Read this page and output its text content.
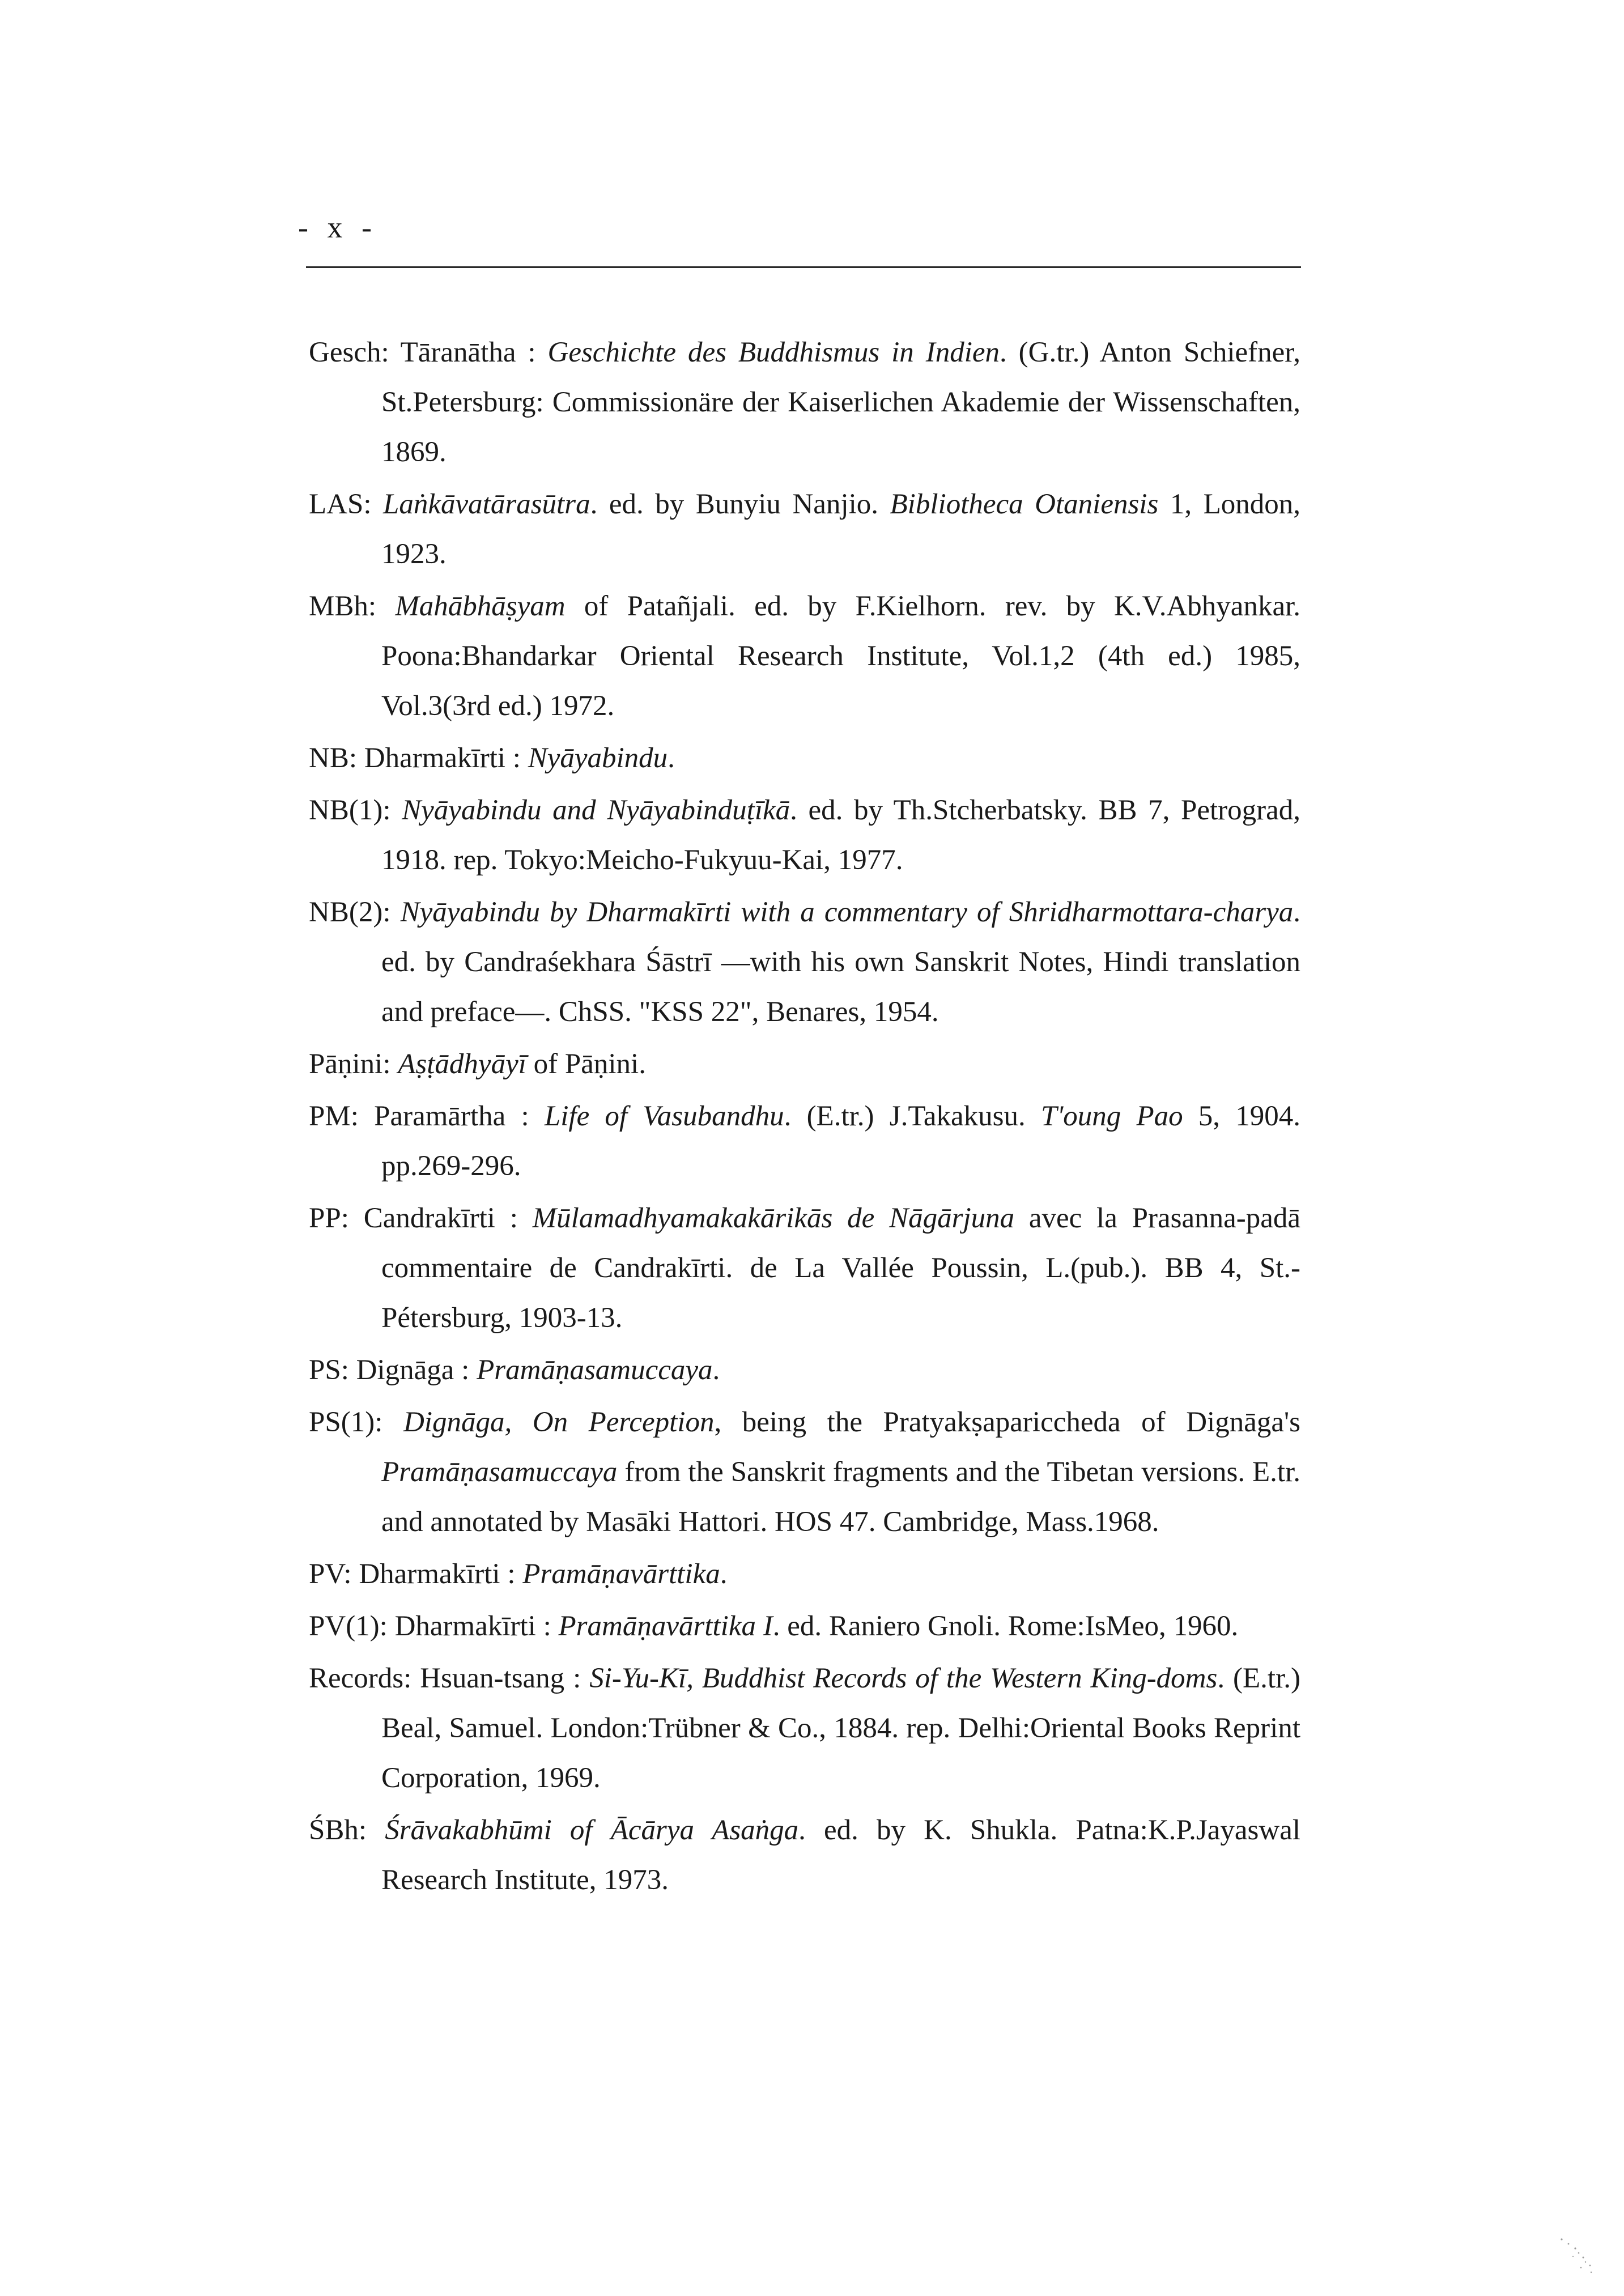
- x -

Gesch: Tāranātha : Geschichte des Buddhismus in Indien. (G.tr.) Anton Schiefner, St.Petersburg: Commissionäre der Kaiserlichen Akademie der Wissenschaften, 1869.

LAS: Laṅkāvatārasūtra. ed. by Bunyiu Nanjio. Bibliotheca Otaniensis 1, London, 1923.

MBh: Mahābhāṣyam of Patañjali. ed. by F.Kielhorn. rev. by K.V.Abhyankar. Poona:Bhandarkar Oriental Research Institute, Vol.1,2 (4th ed.) 1985, Vol.3(3rd ed.) 1972.

NB: Dharmakīrti : Nyāyabindu.

NB(1): Nyāyabindu and Nyāyabinduṭīkā. ed. by Th.Stcherbatsky. BB 7, Petrograd, 1918. rep. Tokyo:Meicho-Fukyuu-Kai, 1977.

NB(2): Nyāyabindu by Dharmakīrti with a commentary of Shridharmottara-charya. ed. by Candraśekhara Śāstrī —with his own Sanskrit Notes, Hindi translation and preface—. ChSS. "KSS 22", Benares, 1954.

Pāṇini: Aṣṭādhyāyī of Pāṇini.

PM: Paramārtha : Life of Vasubandhu. (E.tr.) J.Takakusu. T'oung Pao 5, 1904. pp.269-296.

PP: Candrakīrti : Mūlamadhyamakakārikās de Nāgārjuna avec la Prasanna-padā commentaire de Candrakīrti. de La Vallée Poussin, L.(pub.). BB 4, St.-Pétersburg, 1903-13.

PS: Dignāga : Pramāṇasamuccaya.

PS(1): Dignāga, On Perception, being the Pratyakṣapariccheda of Dignāga's Pramāṇasamuccaya from the Sanskrit fragments and the Tibetan versions. E.tr. and annotated by Masāki Hattori. HOS 47. Cambridge, Mass.1968.

PV: Dharmakīrti : Pramāṇavārttika.

PV(1): Dharmakīrti : Pramāṇavārttika I. ed. Raniero Gnoli. Rome:IsMeo, 1960.

Records: Hsuan-tsang : Si-Yu-Kī, Buddhist Records of the Western King-doms. (E.tr.) Beal, Samuel. London:Trübner & Co., 1884. rep. Delhi:Oriental Books Reprint Corporation, 1969.

ŚBh: Śrāvakabhūmi of Ācārya Asaṅga. ed. by K. Shukla. Patna:K.P.Jayaswal Research Institute, 1973.
